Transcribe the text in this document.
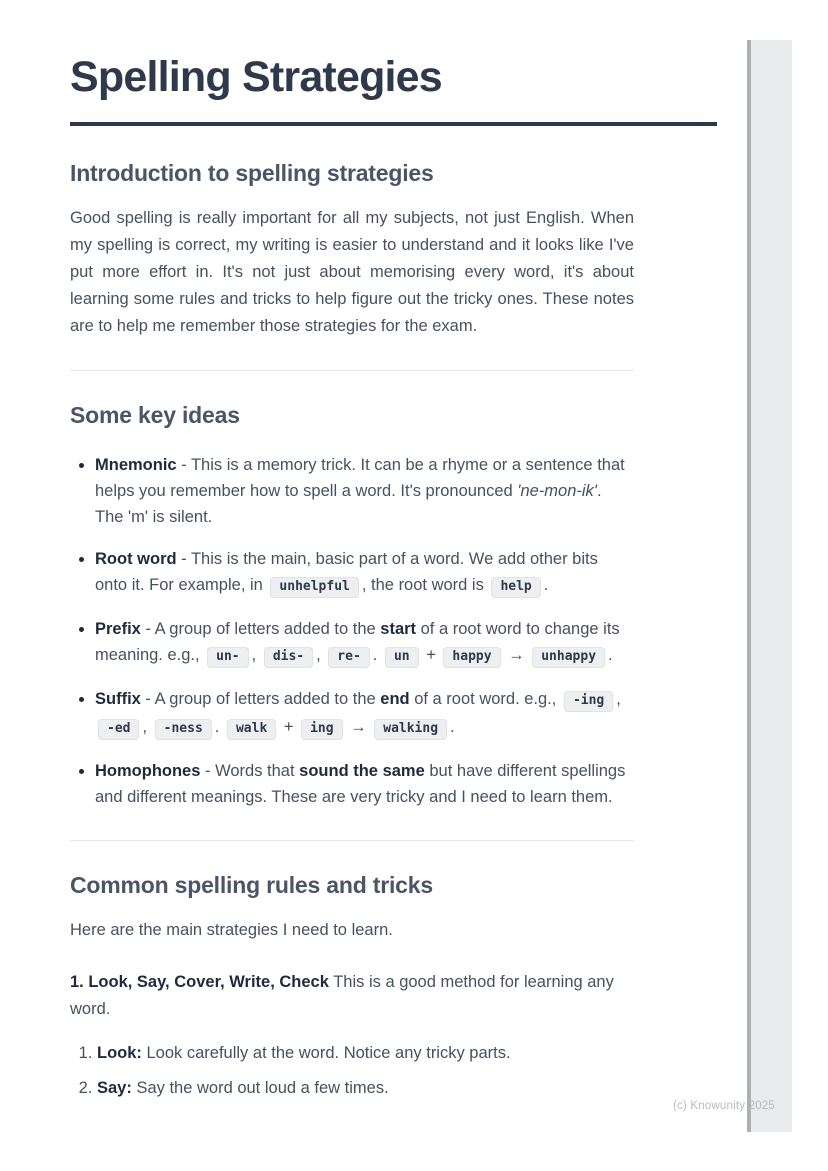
Spelling Strategies
Introduction to spelling strategies

Good spelling is really important for all my subjects, not just English. When my spelling is correct, my writing is easier to understand and it looks like I've put more effort in. It's not just about memorising every word, it's about learning some rules and tricks to help figure out the tricky ones. These notes are to help me remember those strategies for the exam.

Some key ideas
• Mnemonic - This is a memory trick. It can be a rhyme or a sentence that helps you remember how to spell a word. It's pronounced 'ne-mon-ik'. The 'm' is silent.
• Root word - This is the main, basic part of a word. We add other bits onto it. For example, in unhelpful , the root word is help .
• Prefix - A group of letters added to the start of a root word to change its meaning. e.g., un- , dis- , re- . un + happy → unhappy .
• Suffix - A group of letters added to the end of a root word. e.g., -ing , -ed , -ness . walk + ing → walking .
• Homophones - Words that sound the same but have different spellings and different meanings. These are very tricky and I need to learn them.
Common spelling rules and tricks

Here are the main strategies I need to learn.

1. Look, Say, Cover, Write, Check This is a good method for learning any word.

1. Look: Look carefully at the word. Notice any tricky parts.
2. Say: Say the word out loud a few times.
(c) Knowunity 2025
